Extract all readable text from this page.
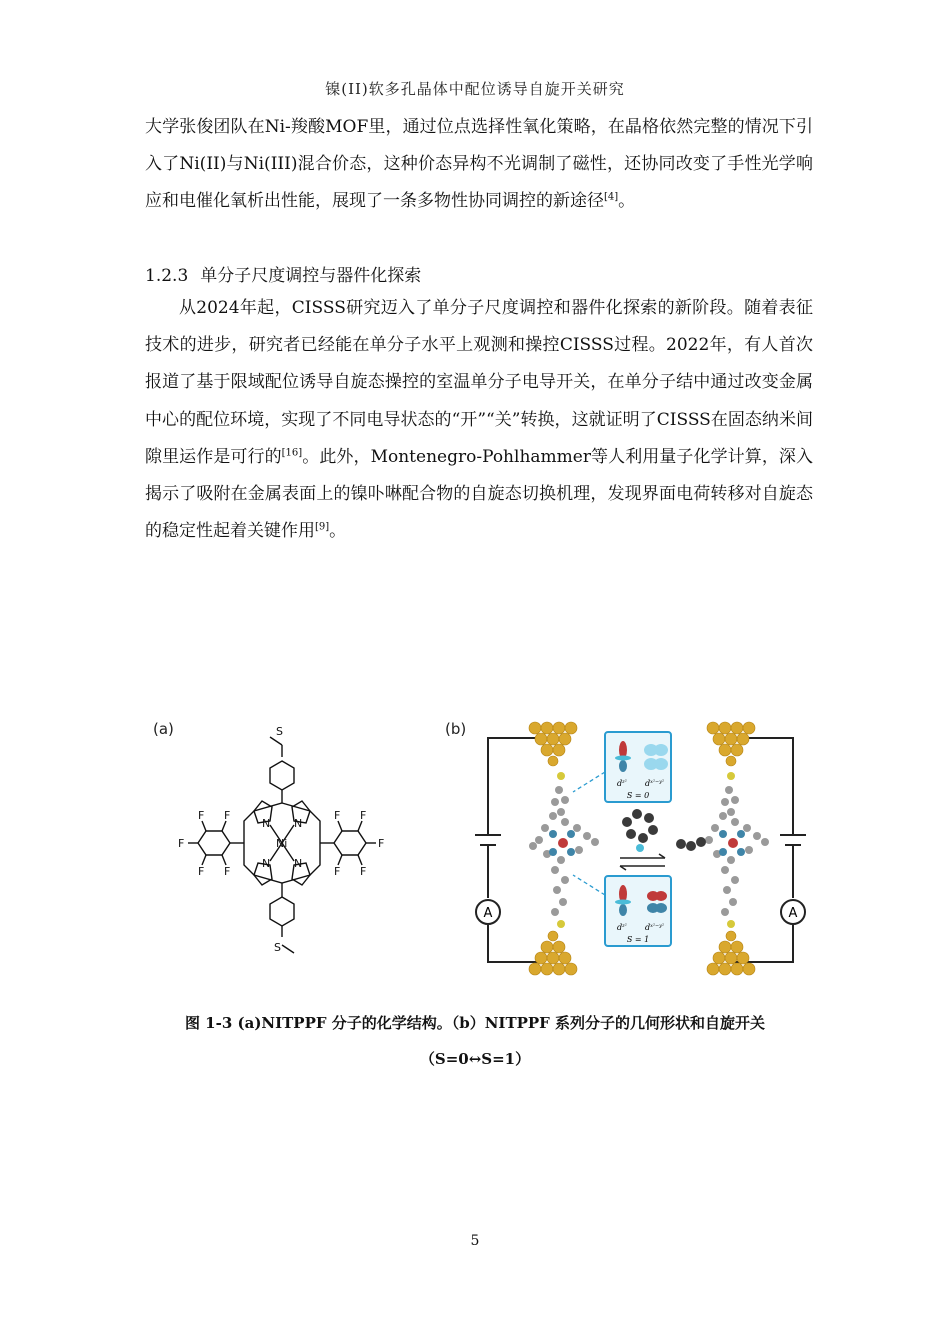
镍(II)软多孔晶体中配位诱导自旋开关研究

大学张俊团队在Ni-羧酸MOF里，通过位点选择性氧化策略，在晶格依然完整的情况下引入了Ni(II)与Ni(III)混合价态，这种价态异构不光调制了磁性，还协同改变了手性光学响应和电催化氧析出性能，展现了一条多物性协同调控的新途径[4]。

1.2.3 单分子尺度调控与器件化探索

从2024年起，CISSS研究迈入了单分子尺度调控和器件化探索的新阶段。随着表征技术的进步，研究者已经能在单分子水平上观测和操控CISSS过程。2022年，有人首次报道了基于限域配位诱导自旋态操控的室温单分子电导开关，在单分子结中通过改变金属中心的配位环境，实现了不同电导状态的“开”“关”转换，这就证明了CISSS在固态纳米间隙里运作是可行的[16]。此外，Montenegro-Pohlhammer等人利用量子化学计算，深入揭示了吸附在金属表面上的镍卟啉配合物的自旋态切换机理，发现界面电荷转移对自旋态的稳定性起着关键作用[9]。

(a)	(b)
S
S
Ni
N N
N N
F
F
F
F F
F F
F
F
F
A	A
$d^{z^2}$ $d^{x^2-y^2}$
S = 0
$d^{z^2}$ $d^{x^2-y^2}$
S = 1
图 1-3 (a)NITPPF 分子的化学结构。（b）NITPPF 系列分子的几何形状和自旋开关
（S=0↔S=1）
5
